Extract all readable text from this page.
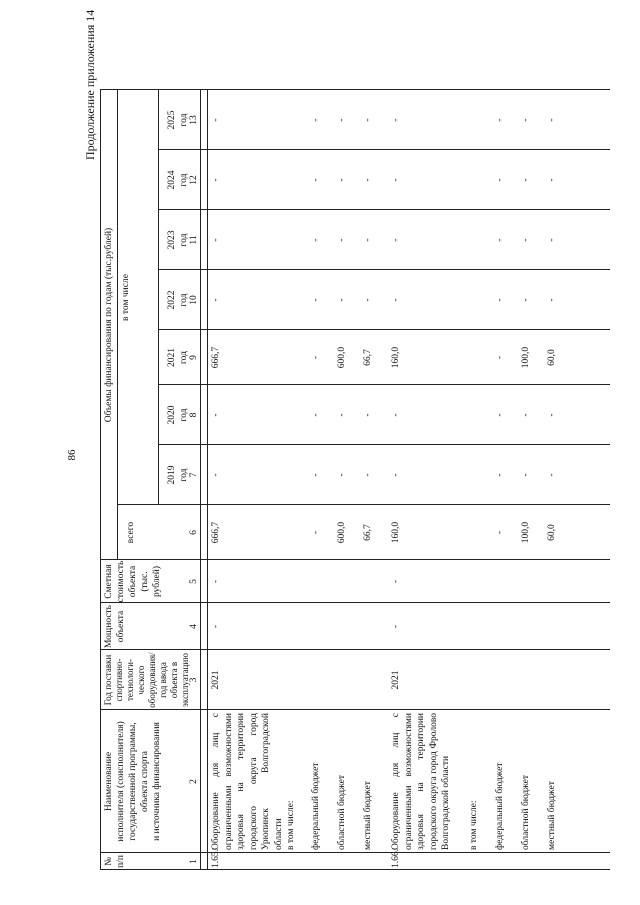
86
Продолжение приложения 14
№
п/п
Наименование
исполнителя (соисполнителя)
государственной программы,
объекта спорта
и источника финансирования
Год поставки
спортивно-
технологи-
ческого
оборудования/
год ввода
объекта в
эксплуатацию
Мощность
объекта
Сметная
стоимость
объекта
(тыс.
рублей)
Объемы финансирования по годам (тыс.рублей)
всего
в том числе
2019
год
2020
год
2021
год
2022
год
2023
год
2024
год
2025
год
1
2
3
4
5
6
7
8
9
10
11
12
13
1.65.
Оборудование для лиц с ограниченными возможностями здоровья на территории городского округа город Урюпинск Волгоградской области
2021
-
-
666,7
-
-
666,7
-
-
-
-
в том числе: федеральный бюджет
-
-
-
-
-
-
-
-
областной бюджет
600,0
-
-
600,0
-
-
-
-
местный бюджет
66,7
-
-
66,7
-
-
-
-
1.66.
Оборудование для лиц с ограниченными возможностями здоровья на территории городского округа город Фролово Волгоградской области
2021
-
-
160,0
-
-
160,0
-
-
-
-
в том числе: федеральный бюджет
-
-
-
-
-
-
-
-
областной бюджет
100,0
-
-
100,0
-
-
-
-
местный бюджет
60,0
-
-
60,0
-
-
-
-
